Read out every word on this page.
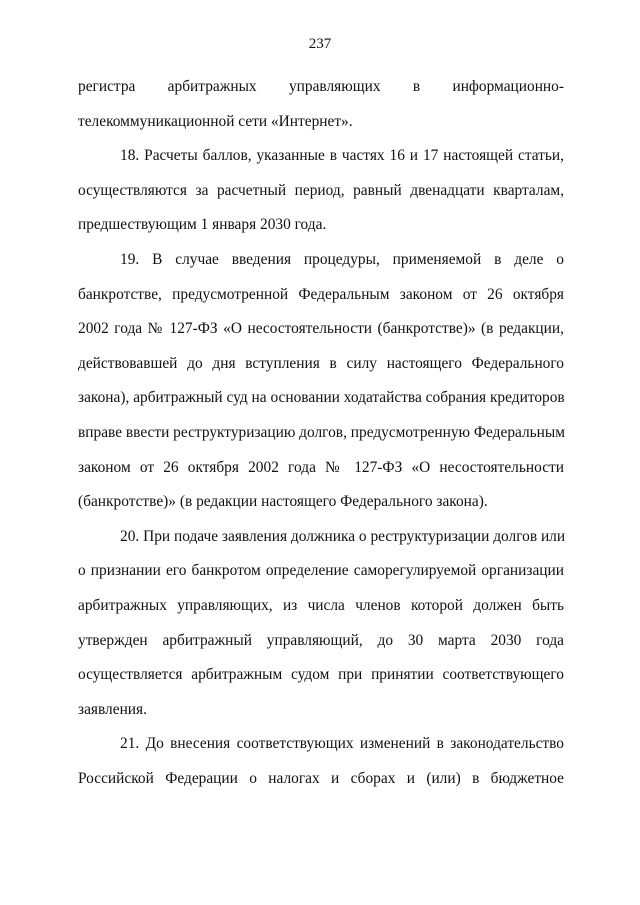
237
регистра арбитражных управляющих в информационно-
телекоммуникационной сети «Интернет».
18. Расчеты баллов, указанные в частях 16 и 17 настоящей статьи,
осуществляются за расчетный период, равный двенадцати кварталам,
предшествующим 1 января 2030 года.
19. В случае введения процедуры, применяемой в деле о
банкротстве, предусмотренной Федеральным законом от 26 октября
2002 года № 127-ФЗ «О несостоятельности (банкротстве)» (в редакции,
действовавшей до дня вступления в силу настоящего Федерального
закона), арбитражный суд на основании ходатайства собрания кредиторов
вправе ввести реструктуризацию долгов, предусмотренную Федеральным
законом от 26 октября 2002 года № 127-ФЗ «О несостоятельности
(банкротстве)» (в редакции настоящего Федерального закона).
20. При подаче заявления должника о реструктуризации долгов или
о признании его банкротом определение саморегулируемой организации
арбитражных управляющих, из числа членов которой должен быть
утвержден арбитражный управляющий, до 30 марта 2030 года
осуществляется арбитражным судом при принятии соответствующего
заявления.
21. До внесения соответствующих изменений в законодательство
Российской Федерации о налогах и сборах и (или) в бюджетное
